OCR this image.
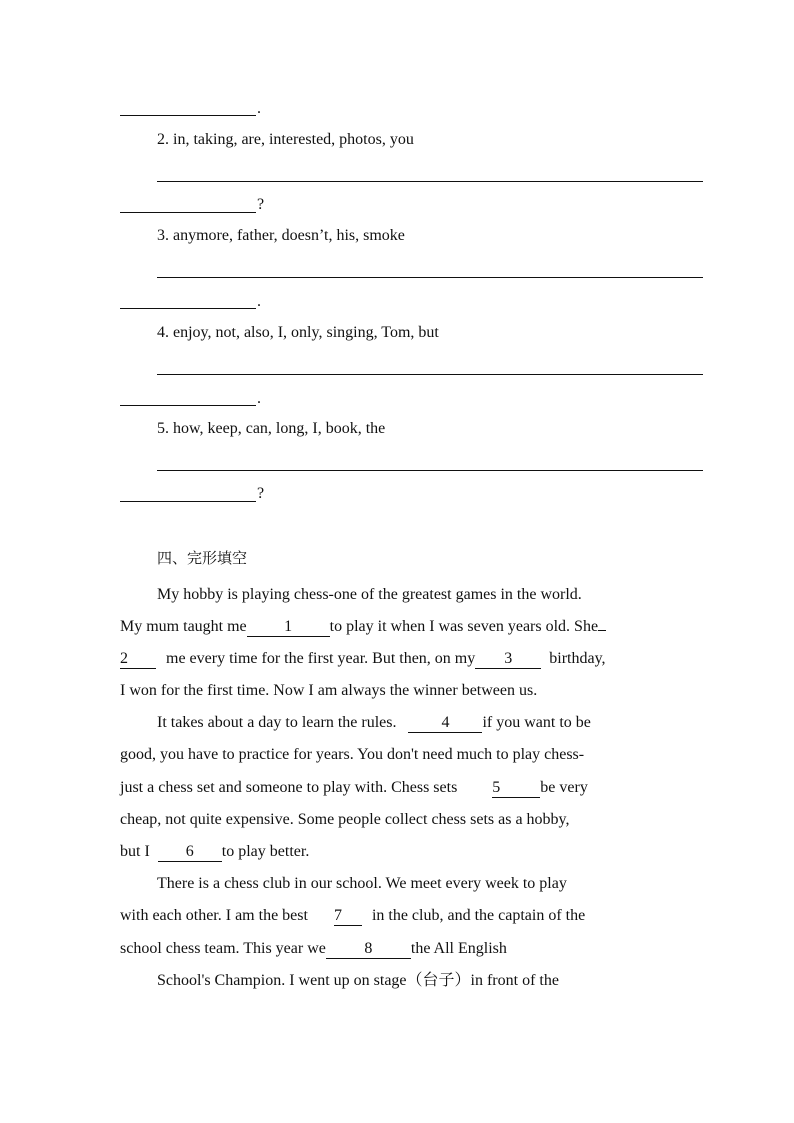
.
2. in, taking, are, interested, photos, you
?
3. anymore, father, doesn’t, his, smoke
.
4. enjoy, not, also, I, only, singing, Tom, but
.
5. how, keep, can, long, I, book, the
?
四、完形填空
My hobby is playing chess-one of the greatest games in the world.
My mum taught me 1 to play it when I was seven years old. She
2 me every time for the first year. But then, on my 3 birthday,
I won for the first time. Now I am always the winner between us.
It takes about a day to learn the rules.	4 if you want to be
good, you have to practice for years. You don't need much to play chess-
just a chess set and someone to play with. Chess sets 5	be very
cheap, not quite expensive. Some people collect chess sets as a hobby,
but I 6 to play better.
There is a chess club in our school. We meet every week to play
with each other. I am the best 7 in the club, and the captain of the
school chess team. This year we 8 the All English
School's Champion. I went up on stage（台子）in front of the
